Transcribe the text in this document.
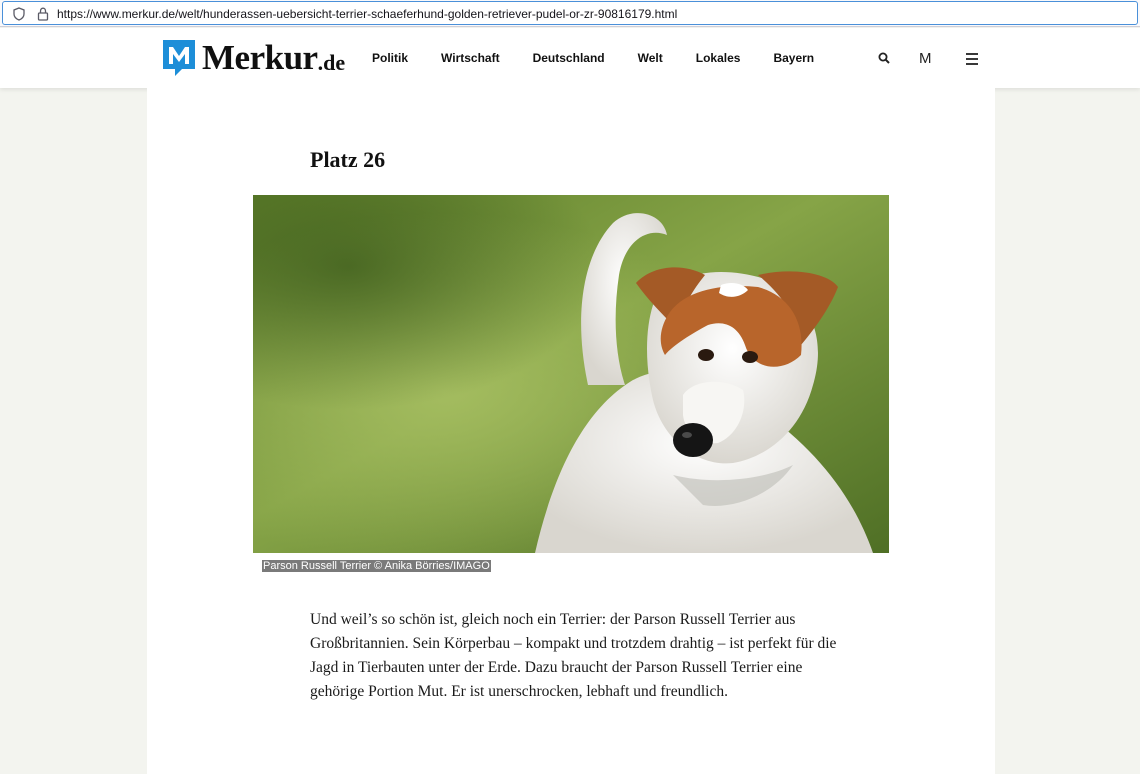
https://www.merkur.de/welt/hunderassen-uebersicht-terrier-schaeferhund-golden-retriever-pudel-or-zr-90816179.html
Merkur .de Politik	Wirtschaft	Deutschland	Welt	Lokales	Bayern	M
Platz 26
Parson Russell Terrier © Anika Börries/IMAGO

Und weil’s so schön ist, gleich noch ein Terrier: der Parson Russell Terrier aus Großbritannien. Sein Körperbau – kompakt und trotzdem drahtig – ist perfekt für die Jagd in Tierbauten unter der Erde. Dazu braucht der Parson Russell Terrier eine gehörige Portion Mut. Er ist unerschrocken, lebhaft und freundlich.
